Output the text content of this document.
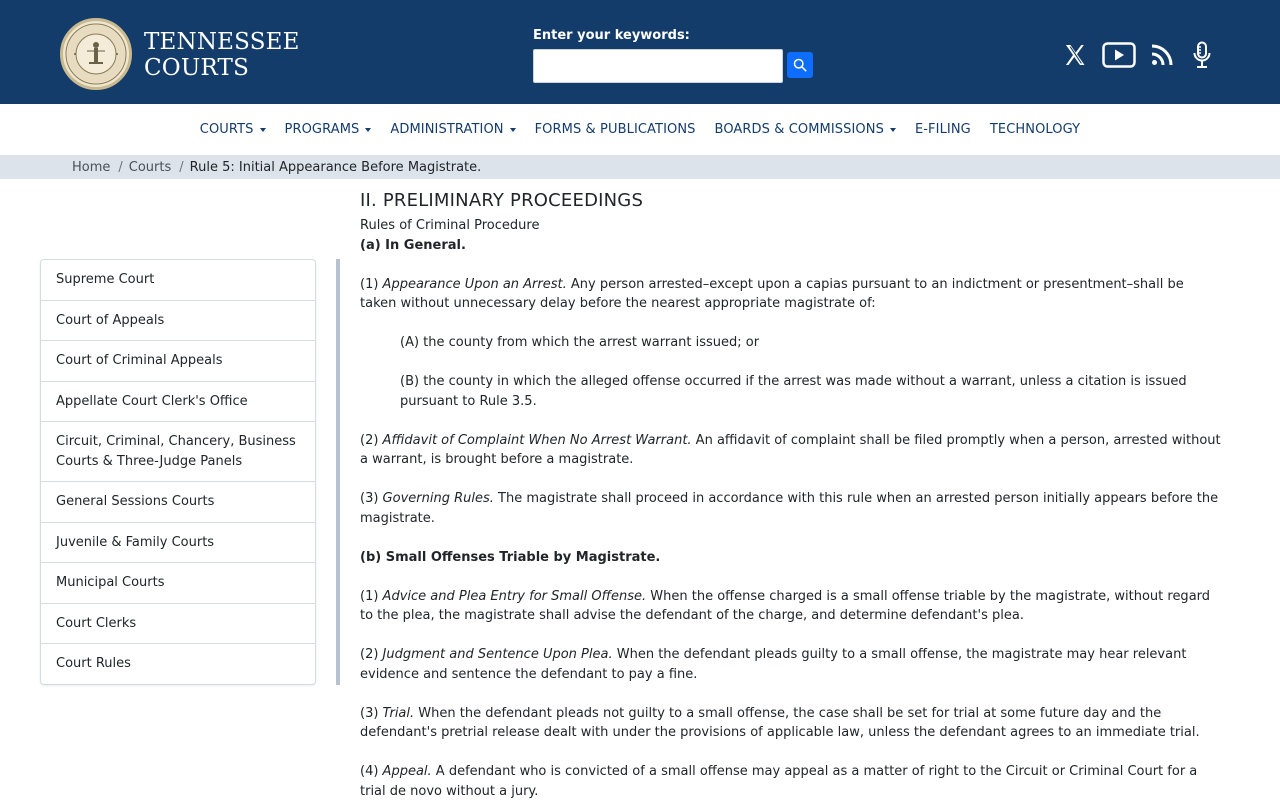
TENNESSEE
COURTS
Enter your keywords:
COURTS	PROGRAMS	ADMINISTRATION	FORMS & PUBLICATIONS	BOARDS & COMMISSIONS	E-FILING	TECHNOLOGY
Home / Courts / Rule 5: Initial Appearance Before Magistrate.
Supreme Court
Court of Appeals
Court of Criminal Appeals
Appellate Court Clerk's Office
Circuit, Criminal, Chancery, Business Courts & Three-Judge Panels
General Sessions Courts
Juvenile & Family Courts
Municipal Courts
Court Clerks
Court Rules
II. PRELIMINARY PROCEEDINGS
Rules of Criminal Procedure
(a) In General.

(1) Appearance Upon an Arrest. Any person arrested–except upon a capias pursuant to an indictment or presentment–shall be taken without unnecessary delay before the nearest appropriate magistrate of:

(A) the county from which the arrest warrant issued; or

(B) the county in which the alleged offense occurred if the arrest was made without a warrant, unless a citation is issued pursuant to Rule 3.5.

(2) Affidavit of Complaint When No Arrest Warrant. An affidavit of complaint shall be filed promptly when a person, arrested without a warrant, is brought before a magistrate.

(3) Governing Rules. The magistrate shall proceed in accordance with this rule when an arrested person initially appears before the magistrate.

(b) Small Offenses Triable by Magistrate.

(1) Advice and Plea Entry for Small Offense. When the offense charged is a small offense triable by the magistrate, without regard to the plea, the magistrate shall advise the defendant of the charge, and determine defendant's plea.

(2) Judgment and Sentence Upon Plea. When the defendant pleads guilty to a small offense, the magistrate may hear relevant evidence and sentence the defendant to pay a fine.

(3) Trial. When the defendant pleads not guilty to a small offense, the case shall be set for trial at some future day and the defendant's pretrial release dealt with under the provisions of applicable law, unless the defendant agrees to an immediate trial.

(4) Appeal. A defendant who is convicted of a small offense may appeal as a matter of right to the Circuit or Criminal Court for a trial de novo without a jury.
